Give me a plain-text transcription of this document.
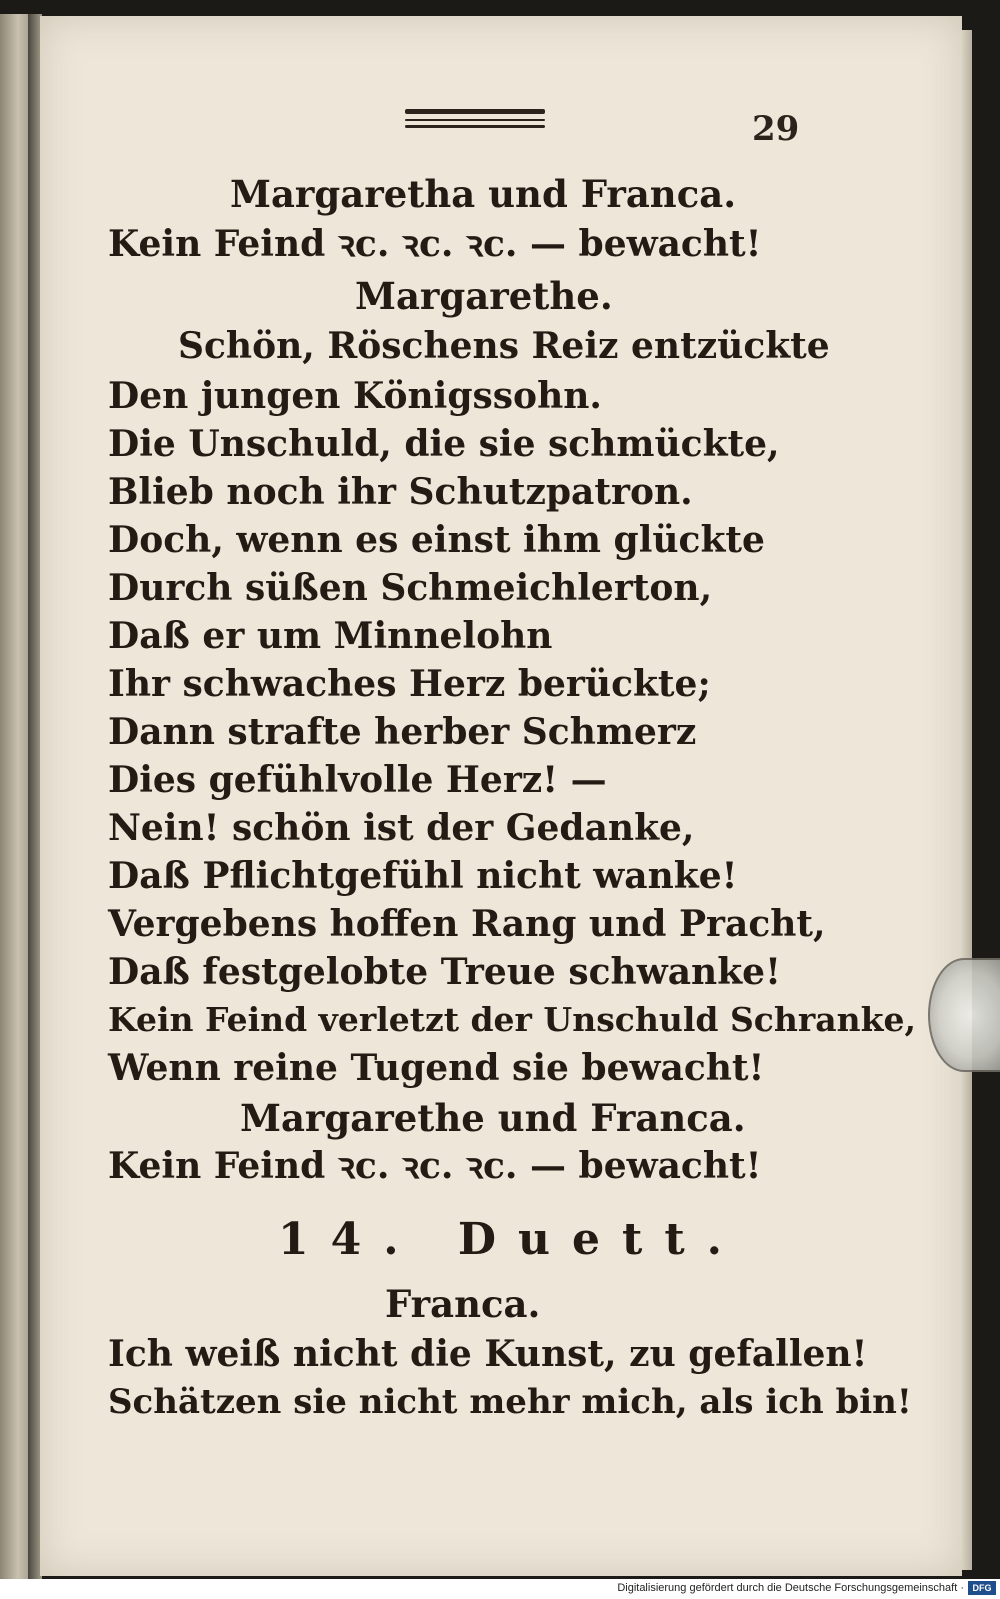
29
Margaretha und Franca.
Kein Feind ꝛc. ꝛc. ꝛc. — bewacht!
Margarethe.
Schön, Röschens Reiz entzückte
Den jungen Königssohn.
Die Unschuld, die sie schmückte,
Blieb noch ihr Schutzpatron.
Doch, wenn es einst ihm glückte
Durch süßen Schmeichlerton,
Daß er um Minnelohn
Ihr schwaches Herz berückte;
Dann strafte herber Schmerz
Dies gefühlvolle Herz! —
Nein! schön ist der Gedanke,
Daß Pflichtgefühl nicht wanke!
Vergebens hoffen Rang und Pracht,
Daß festgelobte Treue schwanke!
Kein Feind verletzt der Unschuld Schranke,
Wenn reine Tugend sie bewacht!
Margarethe und Franca.
Kein Feind ꝛc. ꝛc. ꝛc. — bewacht!
14. Duett.
Franca.
Ich weiß nicht die Kunst, zu gefallen!
Schätzen sie nicht mehr mich, als ich bin!
Digitalisierung gefördert durch die Deutsche Forschungsgemeinschaft · DFG
